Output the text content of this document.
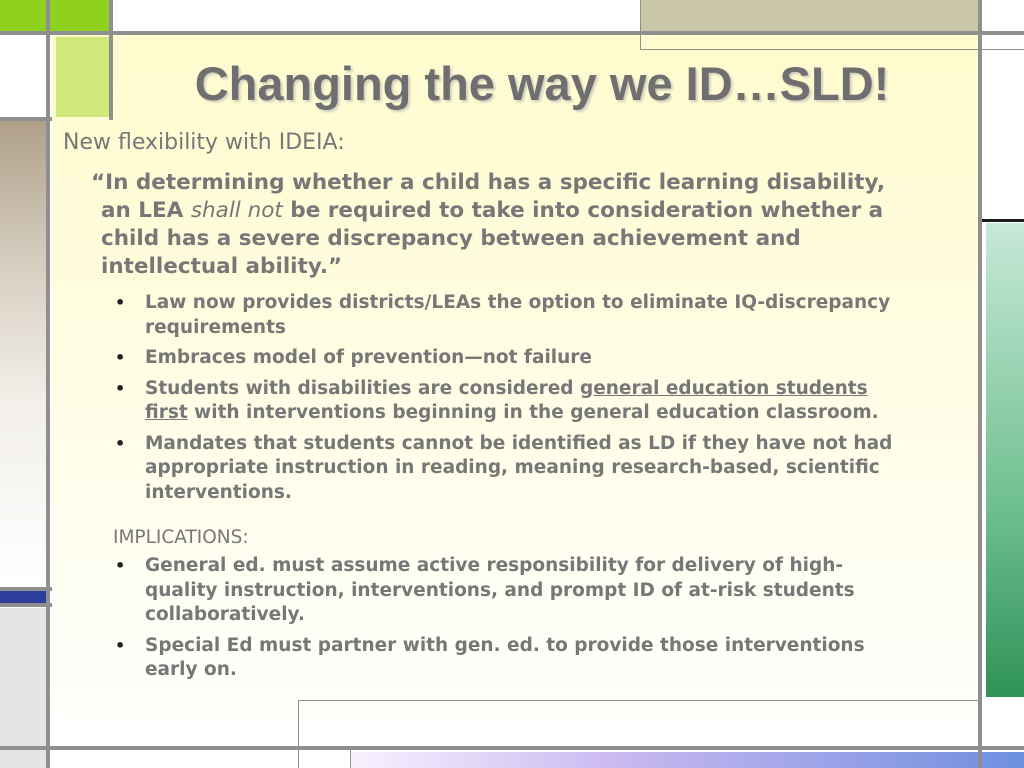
Changing the way we ID…SLD!
New flexibility with IDEIA:
“In determining whether a child has a specific learning disability, an LEA shall not be required to take into consideration whether a child has a severe discrepancy between achievement and intellectual ability.”
• Law now provides districts/LEAs the option to eliminate IQ-discrepancy requirements
• Embraces model of prevention—not failure
• Students with disabilities are considered general education students first with interventions beginning in the general education classroom.
• Mandates that students cannot be identified as LD if they have not had appropriate instruction in reading, meaning research-based, scientific interventions.
IMPLICATIONS:
• General ed. must assume active responsibility for delivery of high-quality instruction, interventions, and prompt ID of at-risk students collaboratively.
• Special Ed must partner with gen. ed. to provide those interventions early on.
